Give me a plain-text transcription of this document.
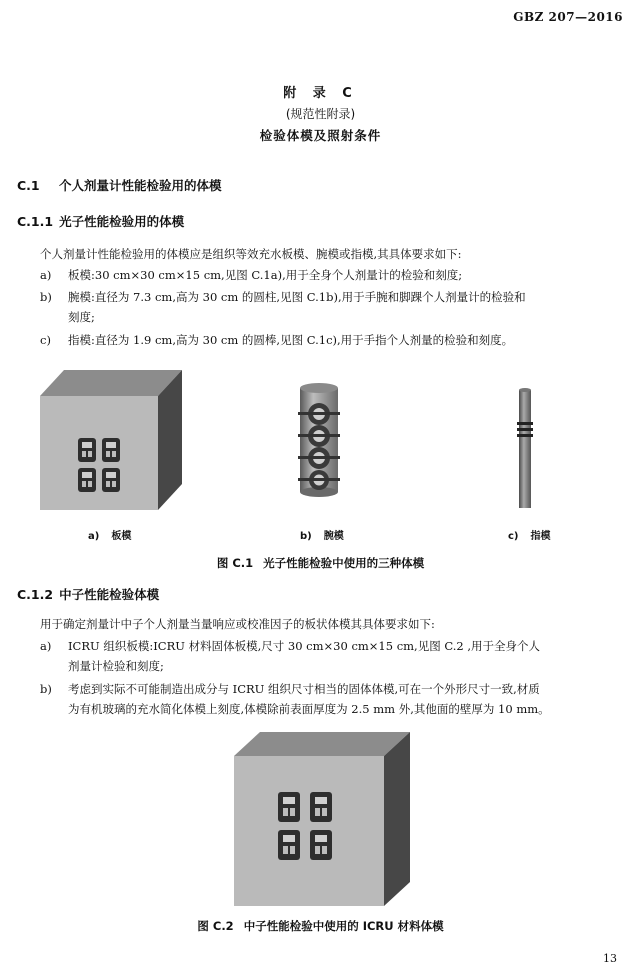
GBZ 207—2016
附 录 C
(规范性附录)
检验体模及照射条件
C.1 个人剂量计性能检验用的体模
C.1.1 光子性能检验用的体模
个人剂量计性能检验用的体模应是组织等效充水板模、腕模或指模,其具体要求如下:
a)	板模:30 cm×30 cm×15 cm,见图 C.1a),用于全身个人剂量计的检验和刻度;
b)	腕模:直径为 7.3 cm,高为 30 cm 的圆柱,见图 C.1b),用于手腕和脚踝个人剂量计的检验和
刻度;
c)	指模:直径为 1.9 cm,高为 30 cm 的圆棒,见图 C.1c),用于手指个人剂量的检验和刻度。
a) 板模	b) 腕模	c) 指模
图 C.1 光子性能检验中使用的三种体模
C.1.2 中子性能检验体模
用于确定剂量计中子个人剂量当量响应或校准因子的板状体模其具体要求如下:
a)	ICRU 组织板模:ICRU 材料固体板模,尺寸 30 cm×30 cm×15 cm,见图 C.2 ,用于全身个人
剂量计检验和刻度;
b)	考虑到实际不可能制造出成分与 ICRU 组织尺寸相当的固体体模,可在一个外形尺寸一致,材质
为有机玻璃的充水简化体模上刻度,体模除前表面厚度为 2.5 mm 外,其他面的壁厚为 10 mm。
图 C.2 中子性能检验中使用的 ICRU 材料体模
13
